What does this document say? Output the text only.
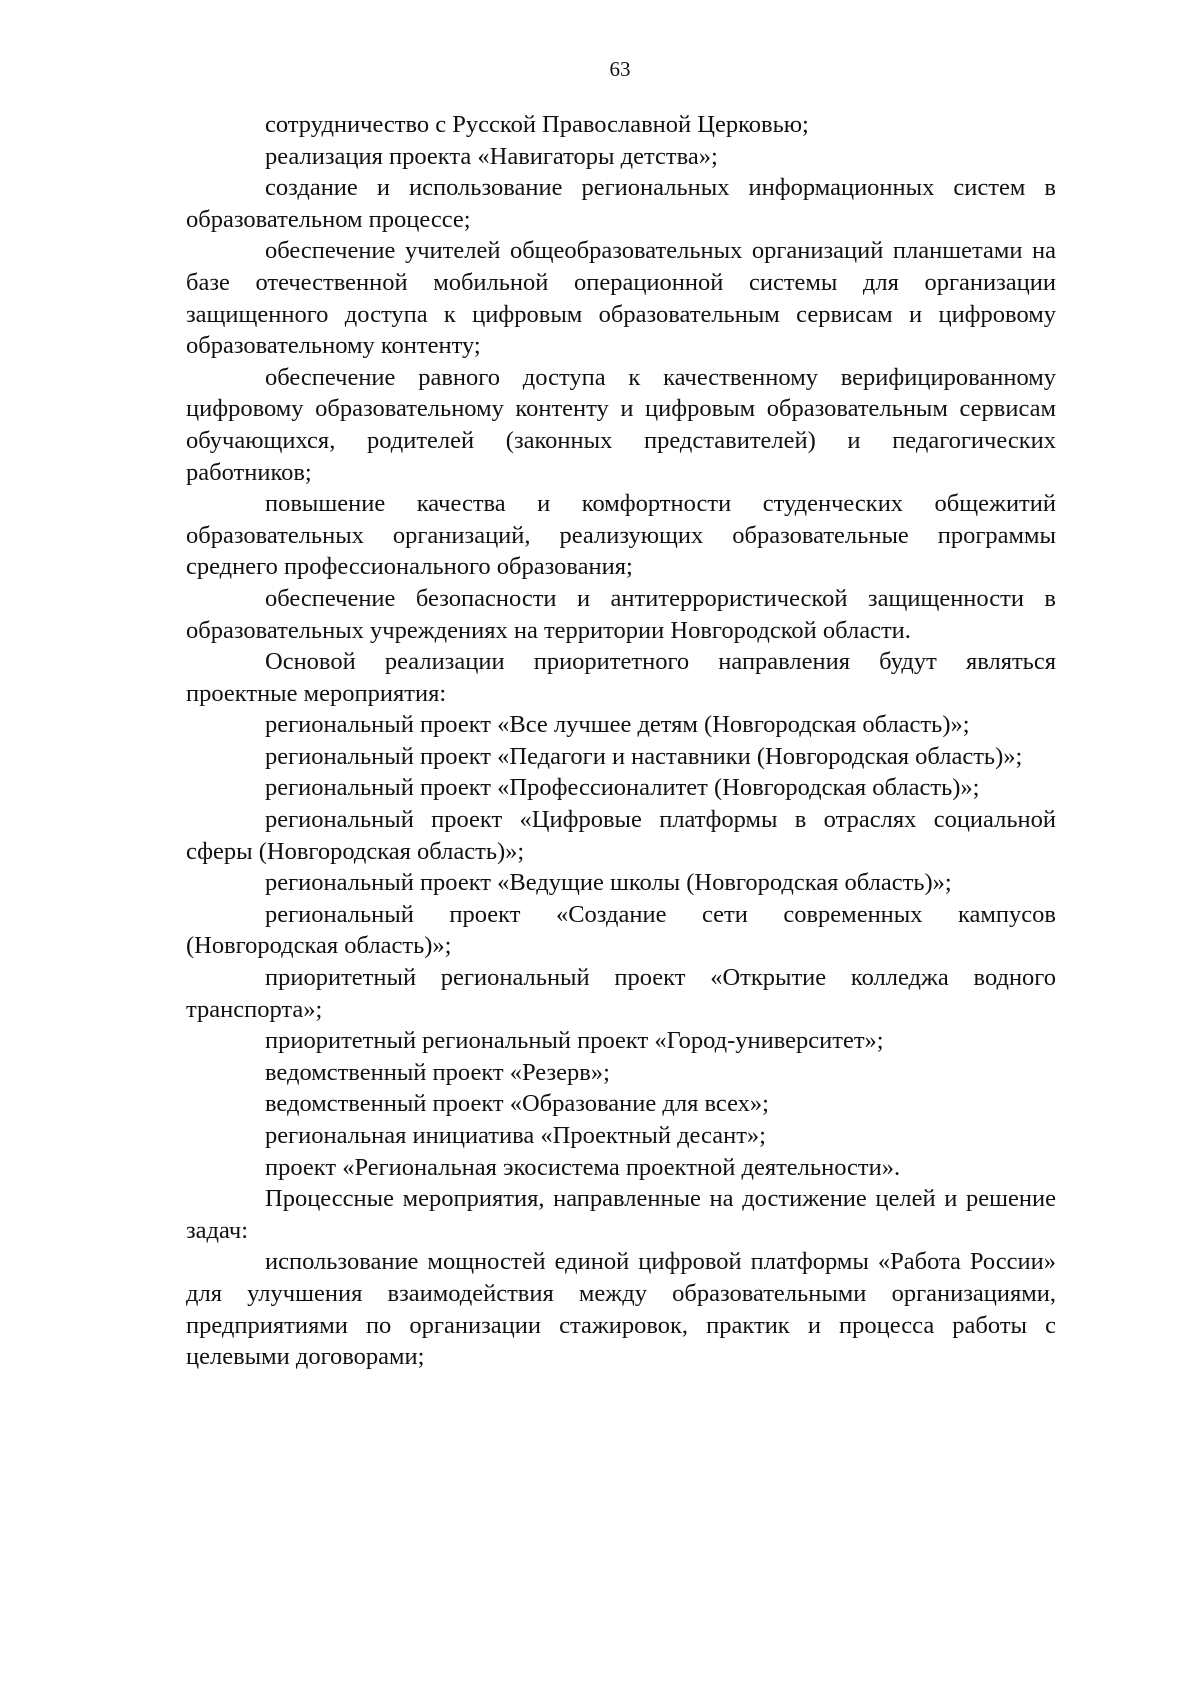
63

сотрудничество с Русской Православной Церковью;

реализация проекта «Навигаторы детства»;

создание и использование региональных информационных систем в образовательном процессе;

обеспечение учителей общеобразовательных организаций планшетами на базе отечественной мобильной операционной системы для организации защищенного доступа к цифровым образовательным сервисам и цифровому образовательному контенту;

обеспечение равного доступа к качественному верифицированному цифровому образовательному контенту и цифровым образовательным сервисам обучающихся, родителей (законных представителей) и педагогических работников;

повышение качества и комфортности студенческих общежитий образовательных организаций, реализующих образовательные программы среднего профессионального образования;

обеспечение безопасности и антитеррористической защищенности в образовательных учреждениях на территории Новгородской области.

Основой реализации приоритетного направления будут являться проектные мероприятия:

региональный проект «Все лучшее детям (Новгородская область)»;

региональный проект «Педагоги и наставники (Новгородская область)»;

региональный проект «Профессионалитет (Новгородская область)»;

региональный проект «Цифровые платформы в отраслях социальной сферы (Новгородская область)»;

региональный проект «Ведущие школы (Новгородская область)»;

региональный проект «Создание сети современных кампусов (Новгородская область)»;

приоритетный региональный проект «Открытие колледжа водного транспорта»;

приоритетный региональный проект «Город-университет»;

ведомственный проект «Резерв»;

ведомственный проект «Образование для всех»;

региональная инициатива «Проектный десант»;

проект «Региональная экосистема проектной деятельности».

Процессные мероприятия, направленные на достижение целей и решение задач:

использование мощностей единой цифровой платформы «Работа России» для улучшения взаимодействия между образовательными организациями, предприятиями по организации стажировок, практик и процесса работы с целевыми договорами;
